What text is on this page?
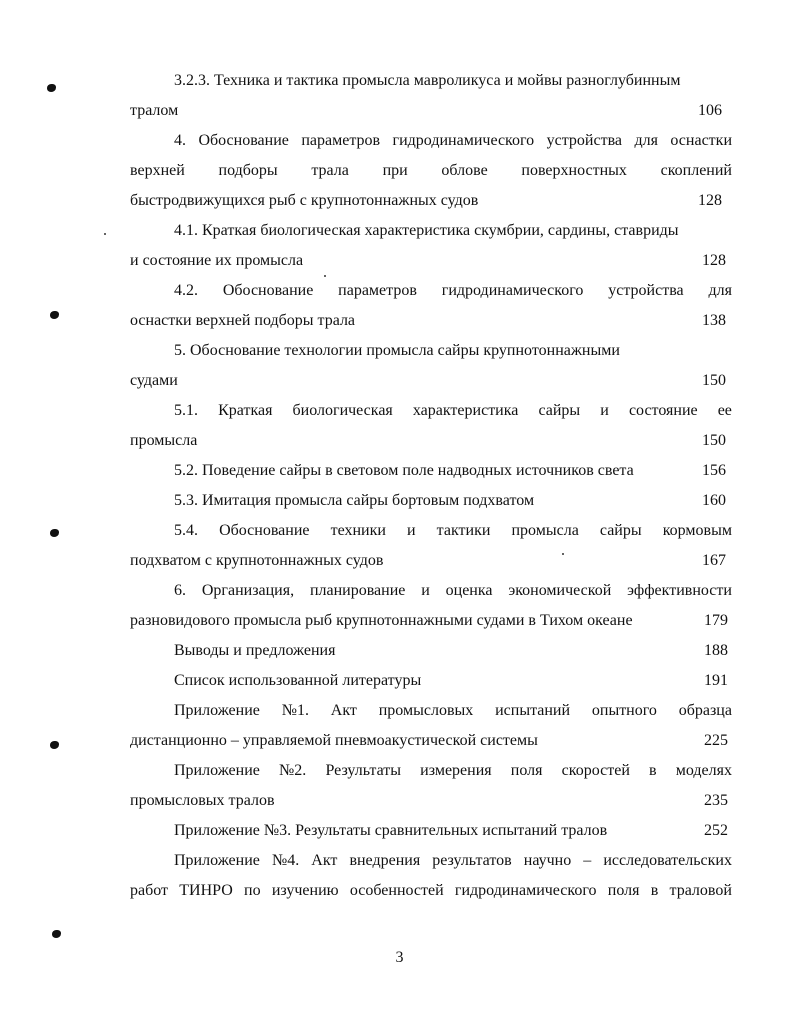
3.2.3. Техника и тактика промысла мавроликуса и мойвы разноглубинным
тралом	106
4. Обоснование параметров гидродинамического устройства для оснастки
верхней подборы трала при облове поверхностных скоплений
быстродвижущихся рыб с крупнотоннажных судов	128
4.1. Краткая биологическая характеристика скумбрии, сардины, ставриды
и состояние их промысла	128
4.2. Обоснование параметров гидродинамического устройства для
оснастки верхней подборы трала	138
5. Обоснование технологии промысла сайры крупнотоннажными
судами	150
5.1. Краткая биологическая характеристика сайры и состояние ее
промысла	150
5.2. Поведение сайры в световом поле надводных источников света	156
5.3. Имитация промысла сайры бортовым подхватом	160
5.4. Обоснование техники и тактики промысла сайры кормовым
подхватом с крупнотоннажных судов	167
6. Организация, планирование и оценка экономической эффективности
разновидового промысла рыб крупнотоннажными судами в Тихом океане	179
Выводы и предложения	188
Список использованной литературы	191
Приложение №1. Акт промысловых испытаний опытного образца
дистанционно – управляемой пневмоакустической системы	225
Приложение №2. Результаты измерения поля скоростей в моделях
промысловых тралов	235
Приложение №3. Результаты сравнительных испытаний тралов	252
Приложение №4. Акт внедрения результатов научно – исследовательских
работ ТИНРО по изучению особенностей гидродинамического поля в траловой
3
